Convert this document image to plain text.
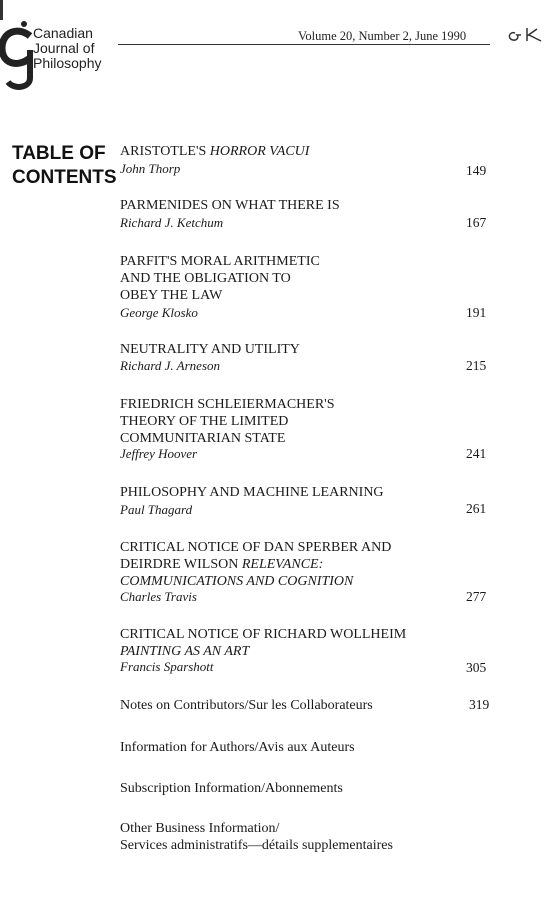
Canadian
Journal of
Philosophy
Volume 20, Number 2, June 1990
TABLE OF
CONTENTS
ARISTOTLE'S HORROR VACUI
John Thorp	149
PARMENIDES ON WHAT THERE IS
Richard J. Ketchum	167
PARFIT'S MORAL ARITHMETIC
AND THE OBLIGATION TO
OBEY THE LAW
George Klosko	191
NEUTRALITY AND UTILITY
Richard J. Arneson	215
FRIEDRICH SCHLEIERMACHER'S
THEORY OF THE LIMITED
COMMUNITARIAN STATE
Jeffrey Hoover	241
PHILOSOPHY AND MACHINE LEARNING
Paul Thagard	261
CRITICAL NOTICE OF DAN SPERBER AND
DEIRDRE WILSON RELEVANCE:
COMMUNICATIONS AND COGNITION
Charles Travis	277
CRITICAL NOTICE OF RICHARD WOLLHEIM
PAINTING AS AN ART
Francis Sparshott	305
Notes on Contributors/Sur les Collaborateurs	319
Information for Authors/Avis aux Auteurs
Subscription Information/Abonnements
Other Business Information/
Services administratifs—détails supplementaires
